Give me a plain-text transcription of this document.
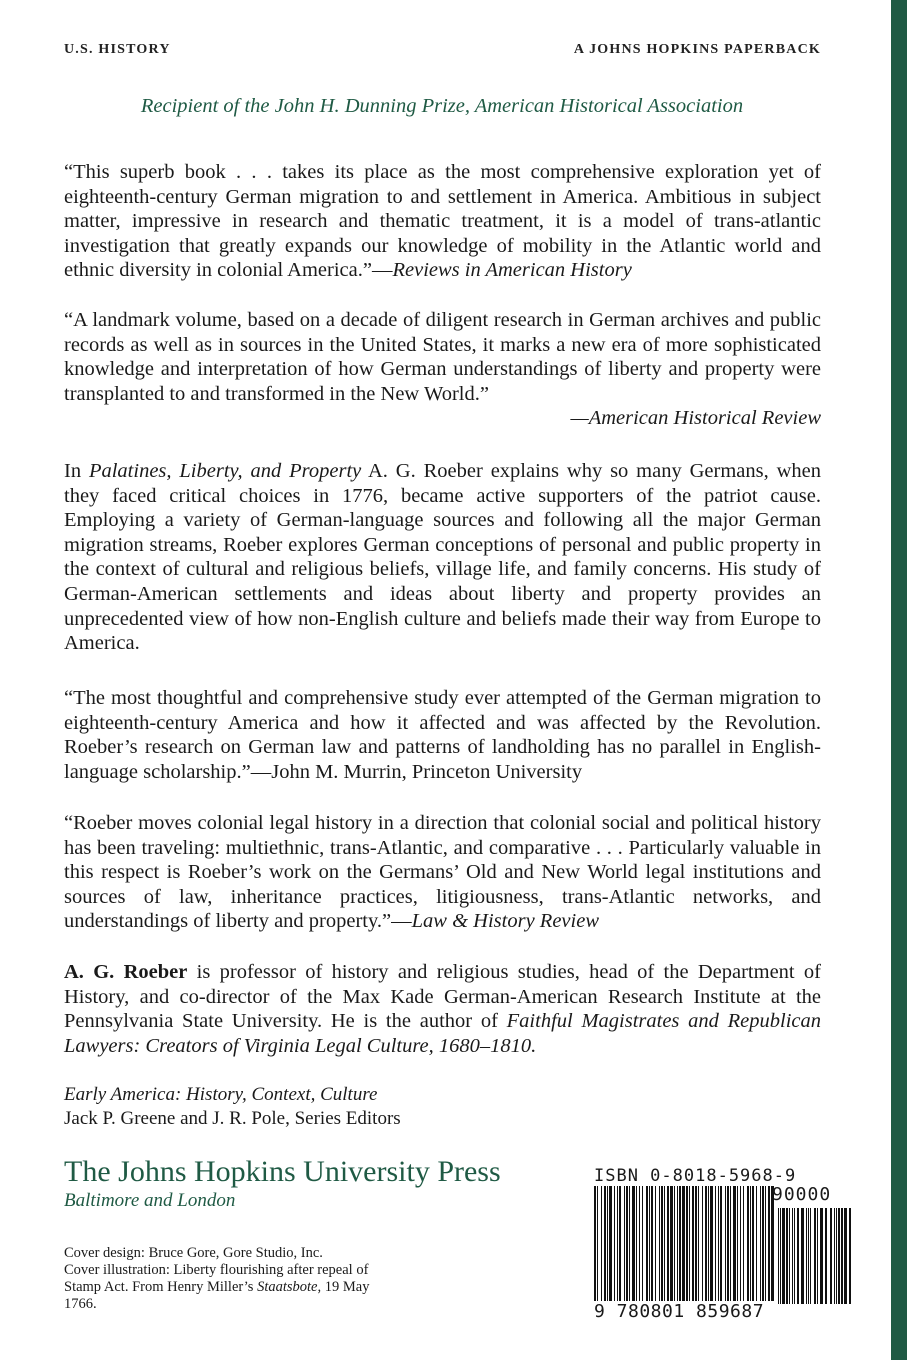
U.S. HISTORY	A JOHNS HOPKINS PAPERBACK
Recipient of the John H. Dunning Prize, American Historical Association

“This superb book . . . takes its place as the most comprehensive exploration yet of eighteenth-century German migration to and settlement in America. Ambitious in subject matter, impressive in research and thematic treatment, it is a model of trans-atlantic investigation that greatly expands our knowledge of mobility in the Atlantic world and ethnic diversity in colonial America.”—Reviews in American History

“A landmark volume, based on a decade of diligent research in German archives and public records as well as in sources in the United States, it marks a new era of more sophisticated knowledge and interpretation of how German understandings of liberty and property were transplanted to and transformed in the New World.”

—American Historical Review

In Palatines, Liberty, and Property A. G. Roeber explains why so many Germans, when they faced critical choices in 1776, became active supporters of the patriot cause. Employing a variety of German-language sources and following all the major German migration streams, Roeber explores German conceptions of personal and public property in the context of cultural and religious beliefs, village life, and family concerns. His study of German-American settlements and ideas about liberty and property provides an unprecedented view of how non-English culture and beliefs made their way from Europe to America.

“The most thoughtful and comprehensive study ever attempted of the German migration to eighteenth-century America and how it affected and was affected by the Revolution. Roeber’s research on German law and patterns of landholding has no parallel in English-language scholarship.”—John M. Murrin, Princeton University

“Roeber moves colonial legal history in a direction that colonial social and political history has been traveling: multiethnic, trans-Atlantic, and comparative . . . Particularly valuable in this respect is Roeber’s work on the Germans’ Old and New World legal institutions and sources of law, inheritance practices, litigiousness, trans-Atlantic networks, and understandings of liberty and property.”—Law & History Review

A. G. Roeber is professor of history and religious studies, head of the Department of History, and co-director of the Max Kade German-American Research Institute at the Pennsylvania State University. He is the author of Faithful Magistrates and Republican Lawyers: Creators of Virginia Legal Culture, 1680–1810.

Early America: History, Context, Culture
Jack P. Greene and J. R. Pole, Series Editors
The Johns Hopkins University Press
Baltimore and London
Cover design: Bruce Gore, Gore Studio, Inc.
Cover illustration: Liberty flourishing after repeal of Stamp Act. From Henry Miller’s Staatsbote, 19 May 1766.
ISBN 0-8018-5968-9
90000
9 780801 859687
